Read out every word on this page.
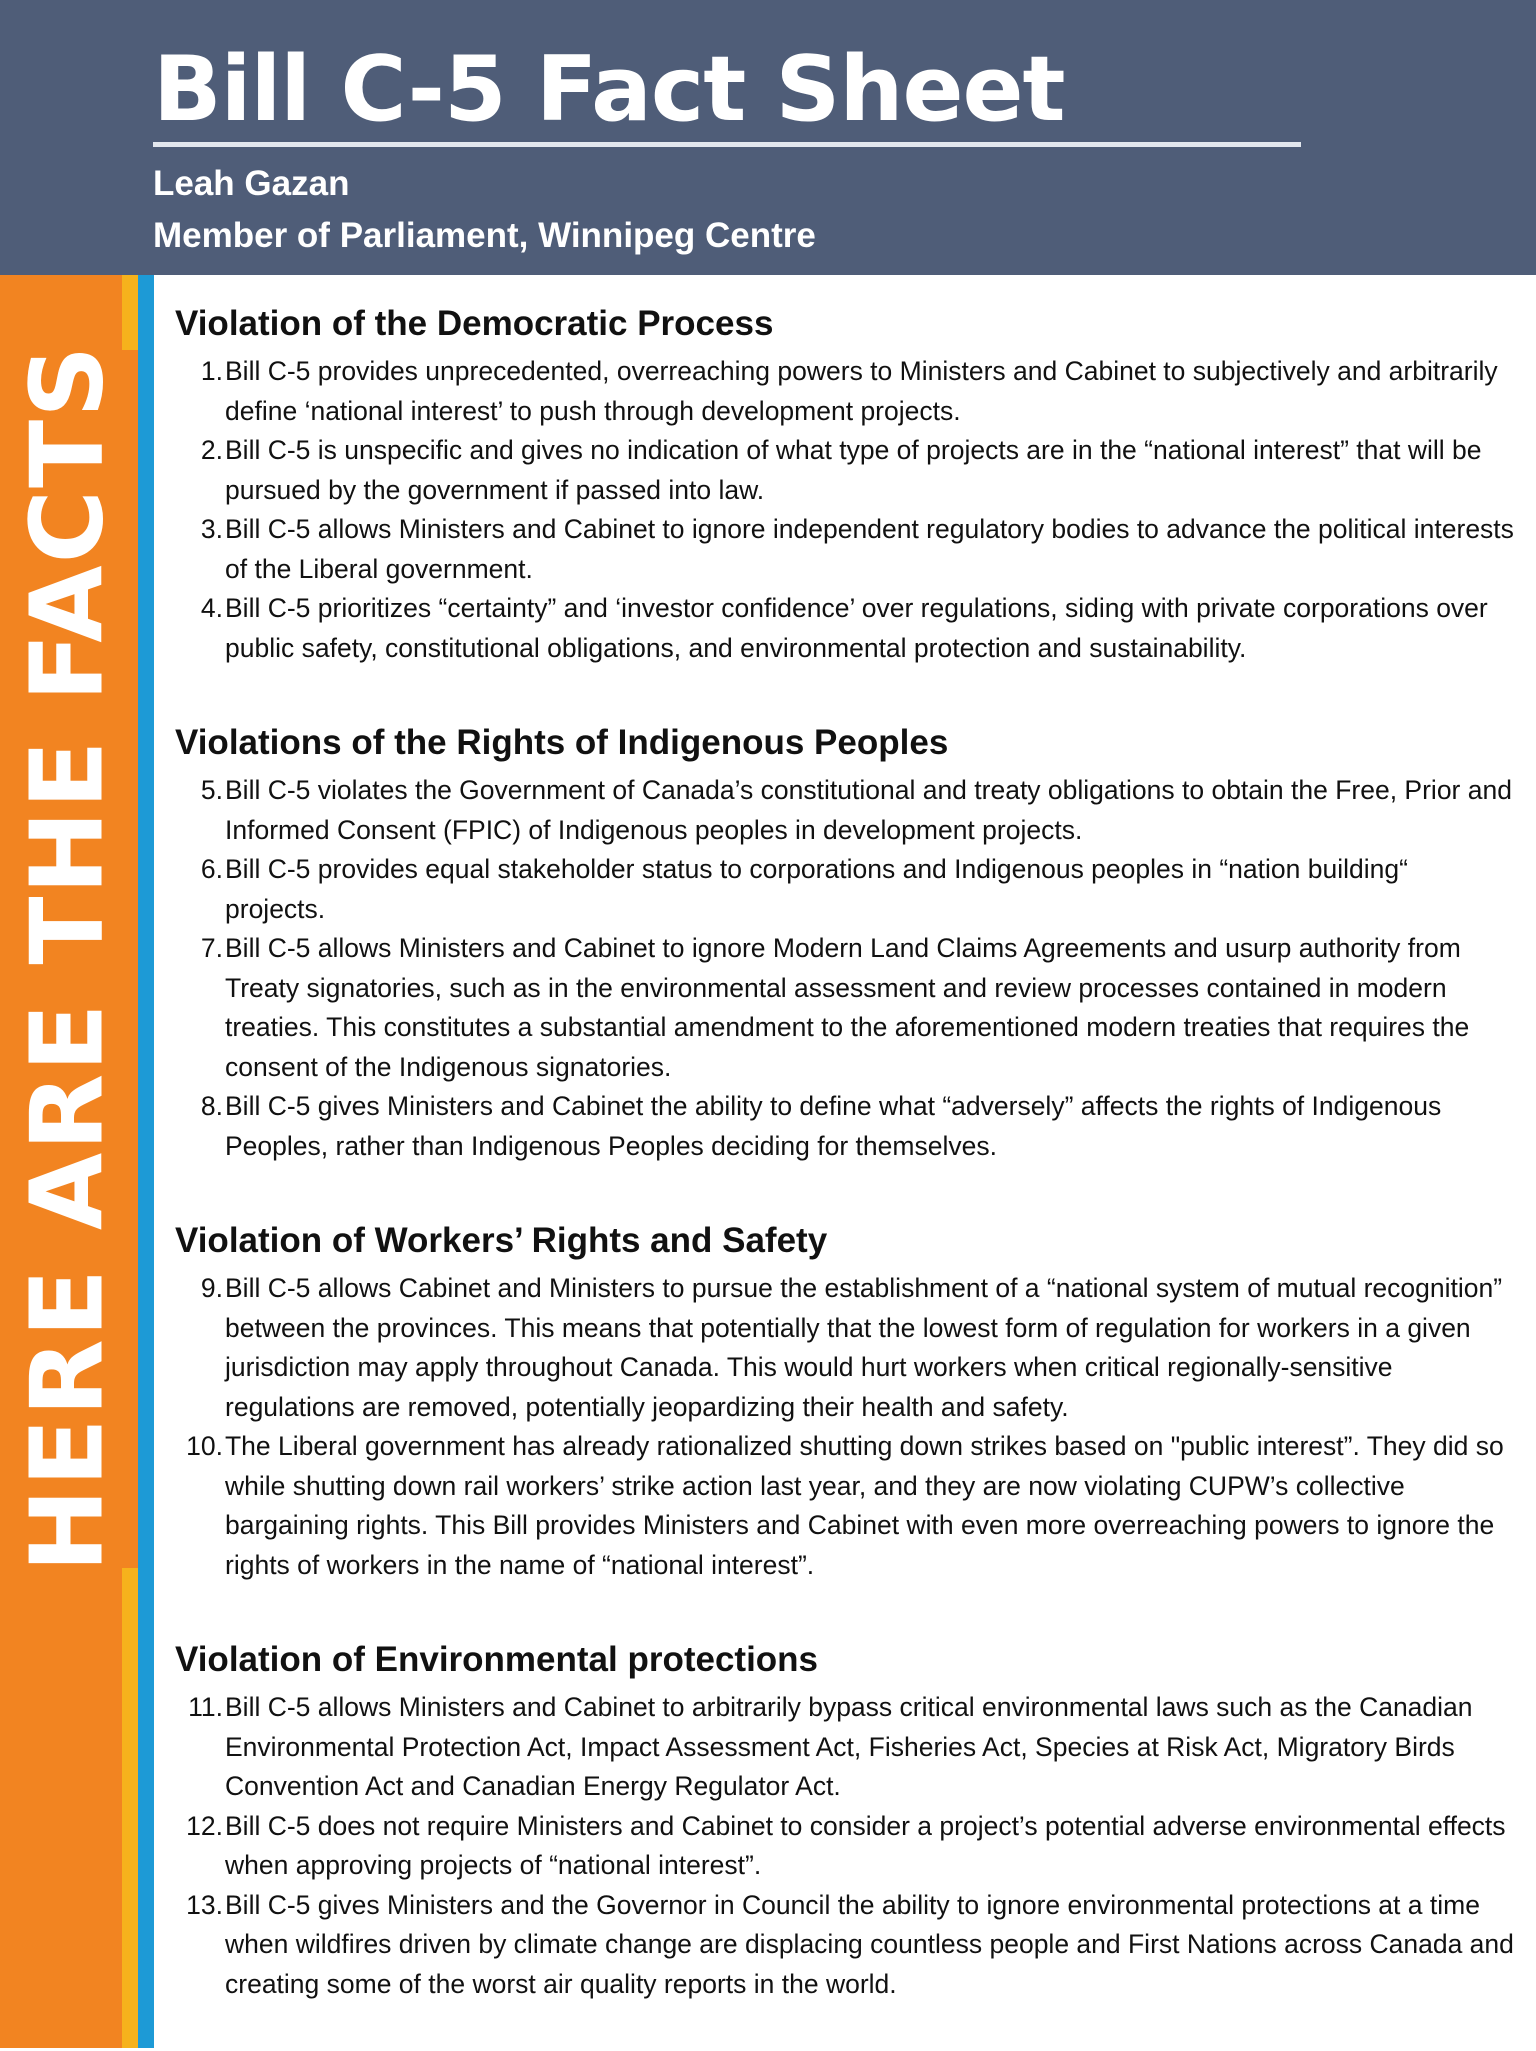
Bill C-5 Fact Sheet
Leah Gazan
Member of Parliament, Winnipeg Centre
HERE ARE THE FACTS
Violation of the Democratic Process
1. Bill C-5 provides unprecedented, overreaching powers to Ministers and Cabinet to subjectively and arbitrarily define ‘national interest’ to push through development projects.
2. Bill C-5 is unspecific and gives no indication of what type of projects are in the “national interest” that will be pursued by the government if passed into law.
3. Bill C-5 allows Ministers and Cabinet to ignore independent regulatory bodies to advance the political interests of the Liberal government.
4. Bill C-5 prioritizes “certainty” and ‘investor confidence’ over regulations, siding with private corporations over public safety, constitutional obligations, and environmental protection and sustainability.
Violations of the Rights of Indigenous Peoples
5. Bill C-5 violates the Government of Canada’s constitutional and treaty obligations to obtain the Free, Prior and Informed Consent (FPIC) of Indigenous peoples in development projects.
6. Bill C-5 provides equal stakeholder status to corporations and Indigenous peoples in “nation building“ projects.
7. Bill C-5 allows Ministers and Cabinet to ignore Modern Land Claims Agreements and usurp authority from Treaty signatories, such as in the environmental assessment and review processes contained in modern treaties. This constitutes a substantial amendment to the aforementioned modern treaties that requires the consent of the Indigenous signatories.
8. Bill C-5 gives Ministers and Cabinet the ability to define what “adversely” affects the rights of Indigenous Peoples, rather than Indigenous Peoples deciding for themselves.
Violation of Workers’ Rights and Safety
9. Bill C-5 allows Cabinet and Ministers to pursue the establishment of a “national system of mutual recognition” between the provinces. This means that potentially that the lowest form of regulation for workers in a given jurisdiction may apply throughout Canada. This would hurt workers when critical regionally-sensitive regulations are removed, potentially jeopardizing their health and safety.
10. The Liberal government has already rationalized shutting down strikes based on "public interest”. They did so while shutting down rail workers’ strike action last year, and they are now violating CUPW’s collective bargaining rights. This Bill provides Ministers and Cabinet with even more overreaching powers to ignore the rights of workers in the name of “national interest”.
Violation of Environmental protections
11. Bill C-5 allows Ministers and Cabinet to arbitrarily bypass critical environmental laws such as the Canadian Environmental Protection Act, Impact Assessment Act, Fisheries Act, Species at Risk Act, Migratory Birds Convention Act and Canadian Energy Regulator Act.
12. Bill C-5 does not require Ministers and Cabinet to consider a project’s potential adverse environmental effects when approving projects of “national interest”.
13. Bill C-5 gives Ministers and the Governor in Council the ability to ignore environmental protections at a time when wildfires driven by climate change are displacing countless people and First Nations across Canada and creating some of the worst air quality reports in the world.
